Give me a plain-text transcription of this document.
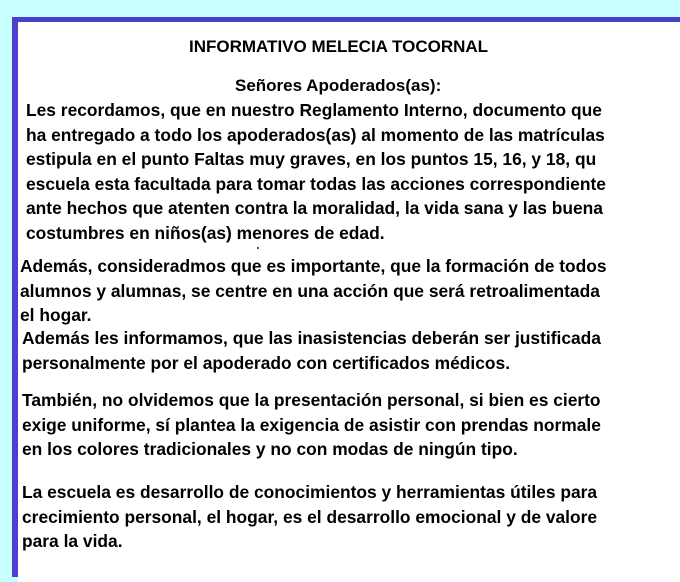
INFORMATIVO MELECIA TOCORNAL
Señores Apoderados(as):
Les recordamos, que en nuestro Reglamento Interno, documento que
ha entregado a todo los apoderados(as) al momento de las matrículas
estipula en el punto Faltas muy graves, en los puntos 15, 16, y 18, qu
escuela esta facultada para tomar todas las acciones correspondiente
ante hechos que atenten contra la moralidad, la vida sana y las buena
costumbres en niños(as) menores de edad.
Además, consideradmos que es importante, que la formación de todos
alumnos y alumnas, se centre en una acción que será retroalimentada
el hogar.
Además les informamos, que las inasistencias deberán ser justificada
personalmente por el apoderado con certificados médicos.
También, no olvidemos que la presentación personal, si bien es cierto
exige uniforme, sí plantea la exigencia de asistir con prendas normale
en los colores tradicionales y no con modas de ningún tipo.
La escuela es desarrollo de conocimientos y herramientas útiles para
crecimiento personal, el hogar, es el desarrollo emocional y de valore
para la vida.
